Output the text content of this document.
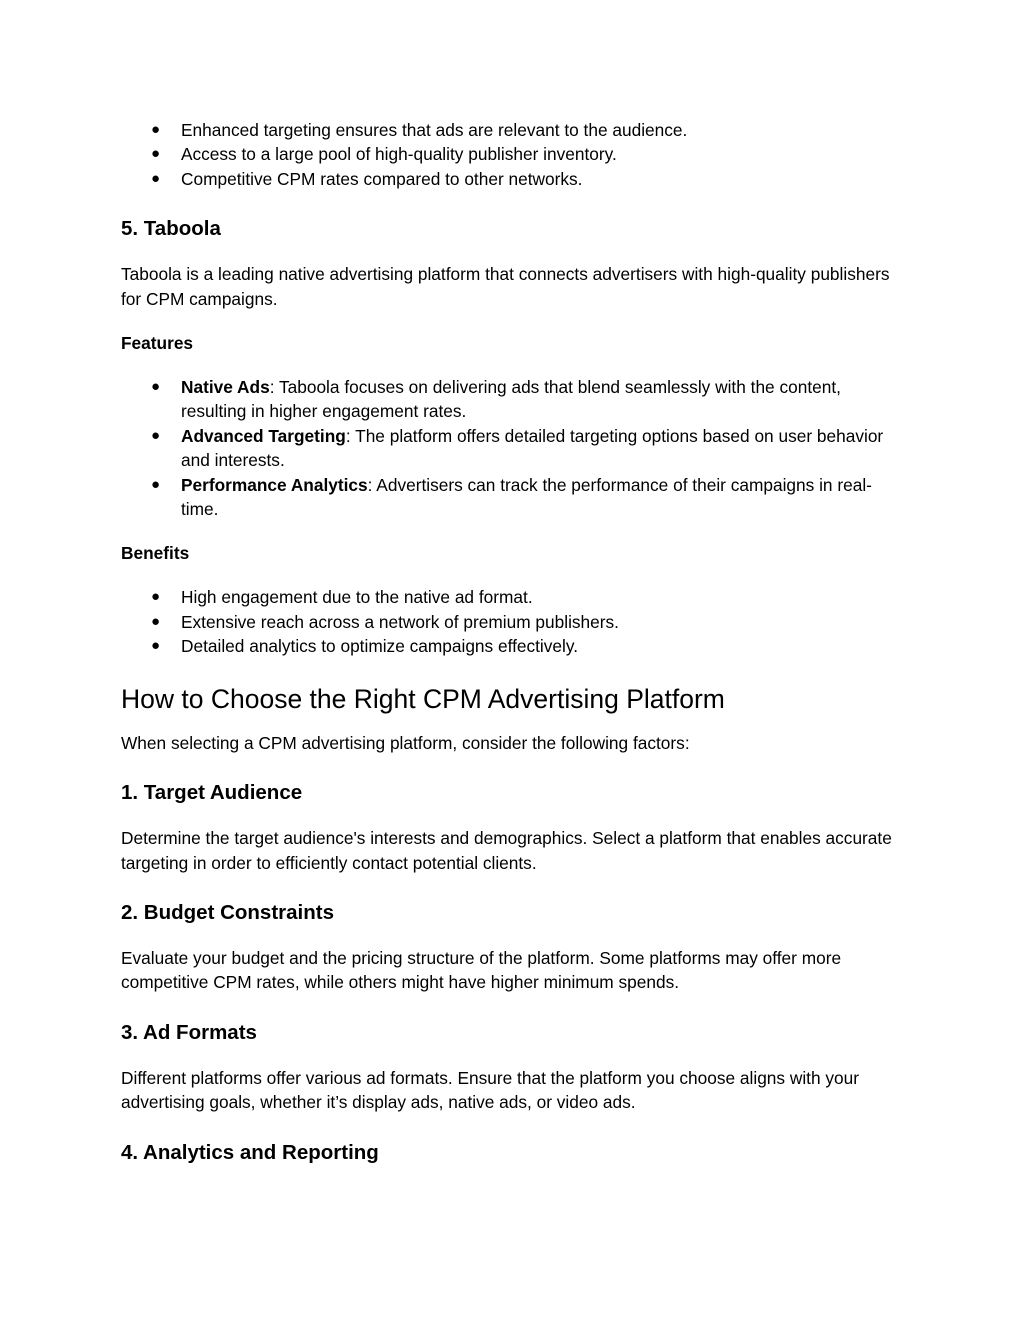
● Enhanced targeting ensures that ads are relevant to the audience.
● Access to a large pool of high-quality publisher inventory.
● Competitive CPM rates compared to other networks.
5. Taboola

Taboola is a leading native advertising platform that connects advertisers with high-quality publishers for CPM campaigns.

Features
● Native Ads: Taboola focuses on delivering ads that blend seamlessly with the content, resulting in higher engagement rates.
● Advanced Targeting: The platform offers detailed targeting options based on user behavior and interests.
● Performance Analytics: Advertisers can track the performance of their campaigns in real-time.
Benefits
● High engagement due to the native ad format.
● Extensive reach across a network of premium publishers.
● Detailed analytics to optimize campaigns effectively.
How to Choose the Right CPM Advertising Platform

When selecting a CPM advertising platform, consider the following factors:

1. Target Audience

Determine the target audience's interests and demographics. Select a platform that enables accurate targeting in order to efficiently contact potential clients.

2. Budget Constraints

Evaluate your budget and the pricing structure of the platform. Some platforms may offer more competitive CPM rates, while others might have higher minimum spends.

3. Ad Formats

Different platforms offer various ad formats. Ensure that the platform you choose aligns with your advertising goals, whether it’s display ads, native ads, or video ads.

4. Analytics and Reporting
